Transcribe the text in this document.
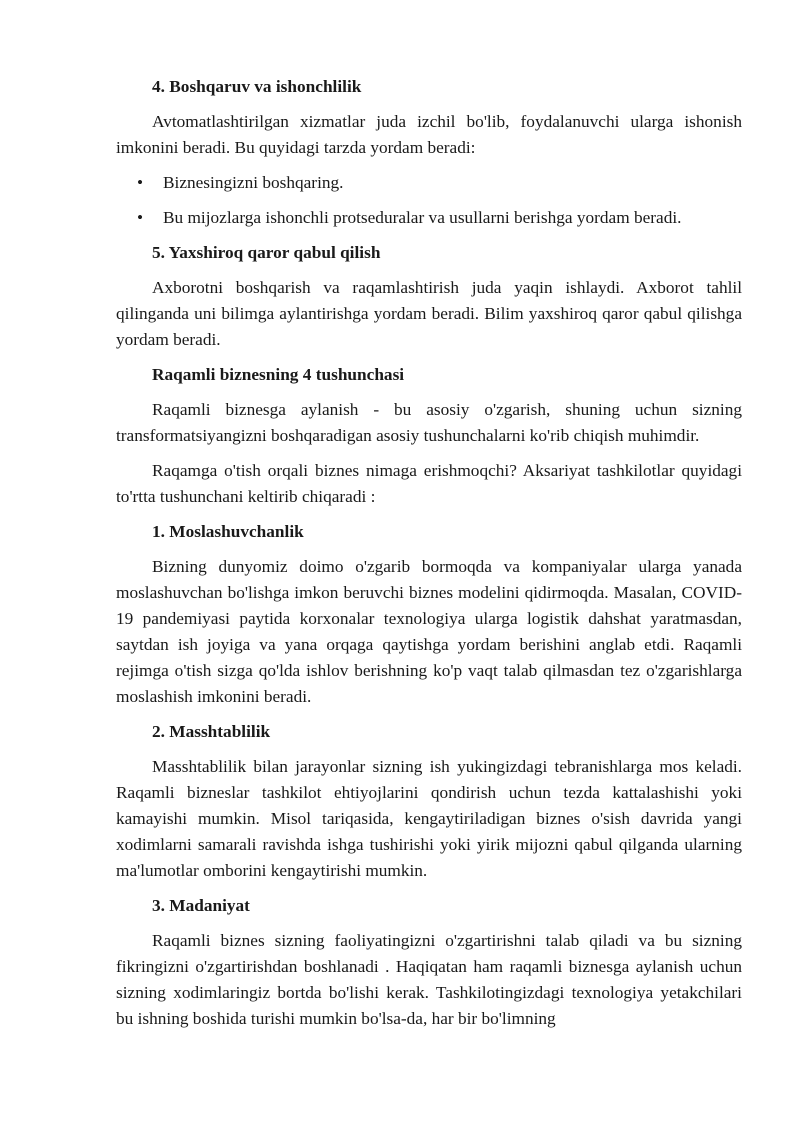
4. Boshqaruv va ishonchlilik
Avtomatlashtirilgan xizmatlar juda izchil bo'lib, foydalanuvchi ularga ishonish imkonini beradi. Bu quyidagi tarzda yordam beradi:
• Biznesingizni boshqaring.
• Bu mijozlarga ishonchli protseduralar va usullarni berishga yordam beradi.
5. Yaxshiroq qaror qabul qilish
Axborotni boshqarish va raqamlashtirish juda yaqin ishlaydi. Axborot tahlil qilinganda uni bilimga aylantirishga yordam beradi. Bilim yaxshiroq qaror qabul qilishga yordam beradi.
Raqamli biznesning 4 tushunchasi
Raqamli biznesga aylanish - bu asosiy o'zgarish, shuning uchun sizning transformatsiyangizni boshqaradigan asosiy tushunchalarni ko'rib chiqish muhimdir.
Raqamga o'tish orqali biznes nimaga erishmoqchi? Aksariyat tashkilotlar quyidagi to'rtta tushunchani keltirib chiqaradi :
1. Moslashuvchanlik
Bizning dunyomiz doimo o'zgarib bormoqda va kompaniyalar ularga yanada moslashuvchan bo'lishga imkon beruvchi biznes modelini qidirmoqda. Masalan, COVID-19 pandemiyasi paytida korxonalar texnologiya ularga logistik dahshat yaratmasdan, saytdan ish joyiga va yana orqaga qaytishga yordam berishini anglab etdi. Raqamli rejimga o'tish sizga qo'lda ishlov berishning ko'p vaqt talab qilmasdan tez o'zgarishlarga moslashish imkonini beradi.
2. Masshtablilik
Masshtablilik bilan jarayonlar sizning ish yukingizdagi tebranishlarga mos keladi. Raqamli bizneslar tashkilot ehtiyojlarini qondirish uchun tezda kattalashishi yoki kamayishi mumkin. Misol tariqasida, kengaytiriladigan biznes o'sish davrida yangi xodimlarni samarali ravishda ishga tushirishi yoki yirik mijozni qabul qilganda ularning ma'lumotlar omborini kengaytirishi mumkin.
3. Madaniyat
Raqamli biznes sizning faoliyatingizni o'zgartirishni talab qiladi va bu sizning fikringizni o'zgartirishdan boshlanadi . Haqiqatan ham raqamli biznesga aylanish uchun sizning xodimlaringiz bortda bo'lishi kerak. Tashkilotingizdagi texnologiya yetakchilari bu ishning boshida turishi mumkin bo'lsa-da, har bir bo'limning
